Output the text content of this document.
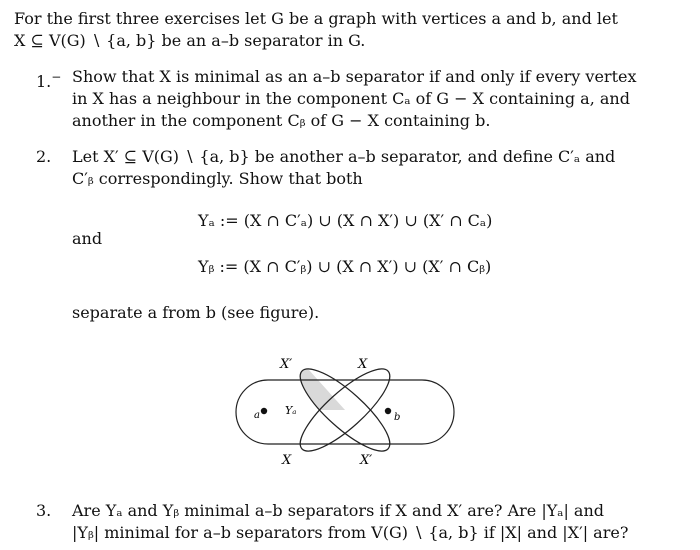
For the first three exercises let G be a graph with vertices a and b, and let
X ⊆ V(G) ∖ {a, b} be an a–b separator in G.
1.− Show that X is minimal as an a–b separator if and only if every vertex
in X has a neighbour in the component Cₐ of G − X containing a, and
another in the component Cᵦ of G − X containing b.
2. Let X′ ⊆ V(G) ∖ {a, b} be another a–b separator, and define C′ₐ and
C′ᵦ correspondingly. Show that both
Yₐ := (X ∩ C′ₐ) ∪ (X ∩ X′) ∪ (X′ ∩ Cₐ)
and
Yᵦ := (X ∩ C′ᵦ) ∪ (X ∩ X′) ∪ (X′ ∩ Cᵦ)
separate a from b (see figure).
X′	X
X	X′
a	b
Yₐ
3. Are Yₐ and Yᵦ minimal a–b separators if X and X′ are? Are |Yₐ| and
|Yᵦ| minimal for a–b separators from V(G) ∖ {a, b} if |X| and |X′| are?
